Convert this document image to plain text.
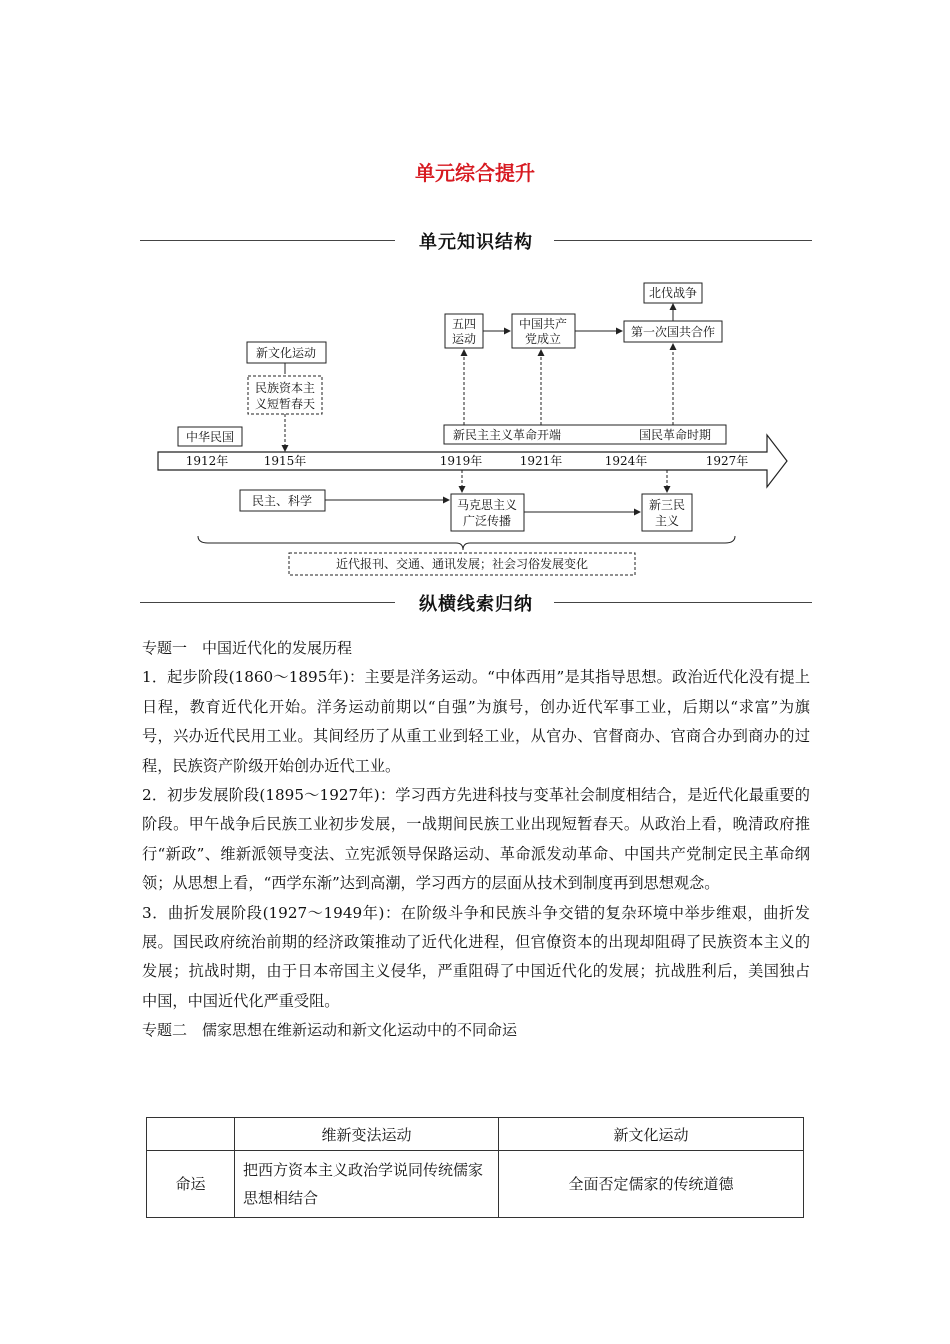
单元综合提升
单元知识结构
1912年	1915年	1919年	1921年	1924年	1927年
中华民国	新民主主义革命开端	国民革命时期
新文化运动
民族资本主
义短暂春天
五四
运动
中国共产
党成立	第一次国共合作
北伐战争
民主、科学	马克思主义
广泛传播
新三民
主义
近代报刊、交通、通讯发展；社会习俗发展变化
纵横线索归纳

专题一　中国近代化的发展历程

1．起步阶段(1860～1895年)：主要是洋务运动。“中体西用”是其指导思想。政治近代化没有提上日程，教育近代化开始。洋务运动前期以“自强”为旗号，创办近代军事工业，后期以“求富”为旗号，兴办近代民用工业。其间经历了从重工业到轻工业，从官办、官督商办、官商合办到商办的过程，民族资产阶级开始创办近代工业。

2．初步发展阶段(1895～1927年)：学习西方先进科技与变革社会制度相结合，是近代化最重要的阶段。甲午战争后民族工业初步发展，一战期间民族工业出现短暂春天。从政治上看，晚清政府推行“新政”、维新派领导变法、立宪派领导保路运动、革命派发动革命、中国共产党制定民主革命纲领；从思想上看，“西学东渐”达到高潮，学习西方的层面从技术到制度再到思想观念。

3．曲折发展阶段(1927～1949年)：在阶级斗争和民族斗争交错的复杂环境中举步维艰，曲折发展。国民政府统治前期的经济政策推动了近代化进程，但官僚资本的出现却阻碍了民族资本主义的发展；抗战时期，由于日本帝国主义侵华，严重阻碍了中国近代化的发展；抗战胜利后，美国独占中国，中国近代化严重受阻。

专题二　儒家思想在维新运动和新文化运动中的不同命运

	维新变法运动	新文化运动
命运	把西方资本主义政治学说同传统儒家思想相结合	全面否定儒家的传统道德
